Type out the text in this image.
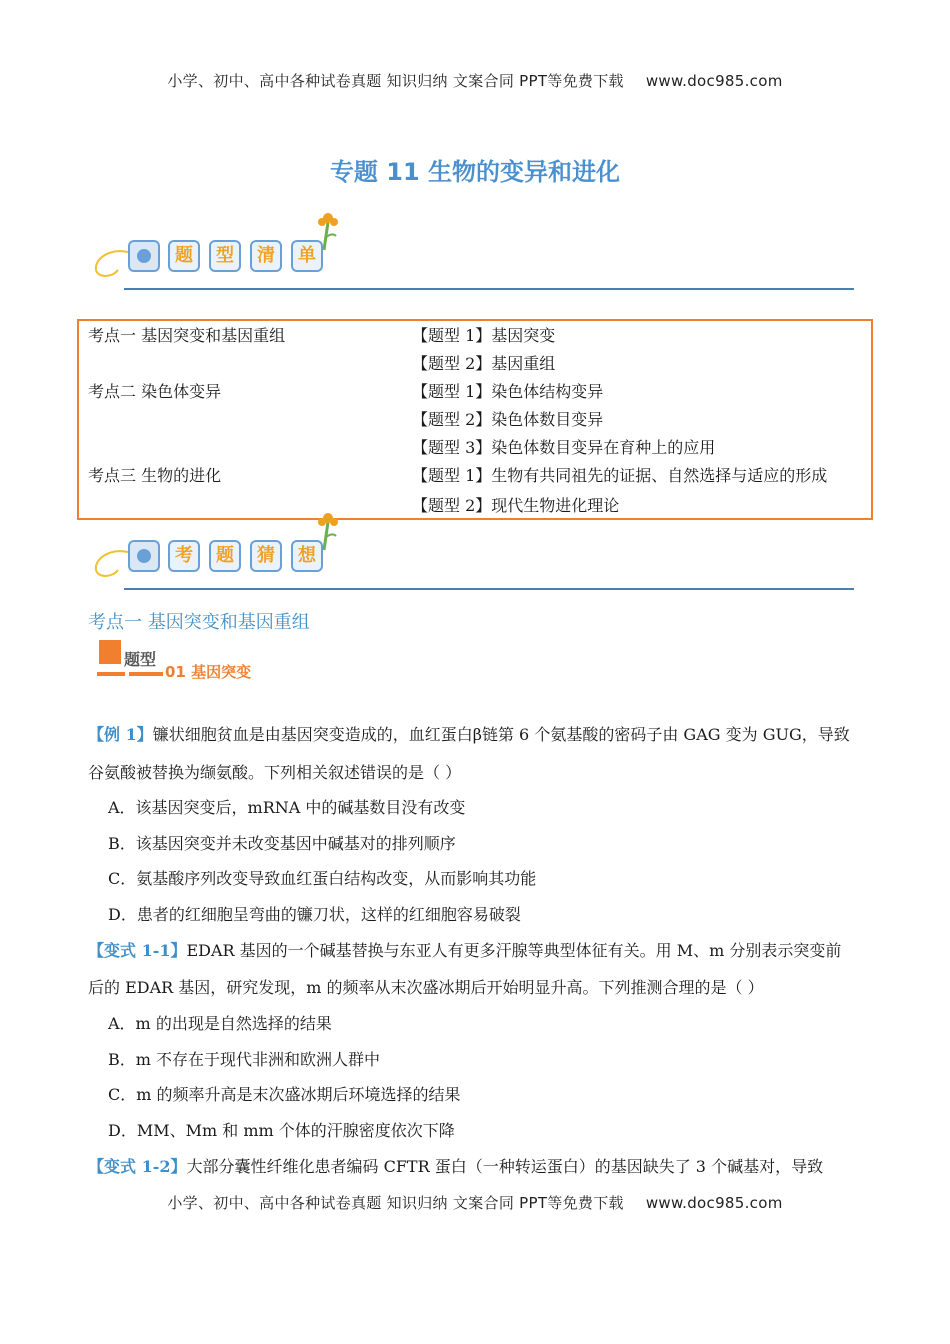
小学、初中、高中各种试卷真题 知识归纳 文案合同 PPT等免费下载 www.doc985.com
专题 11 生物的变异和进化
题	型	清	单
考点一 基因突变和基因重组	【题型 1】基因突变
【题型 2】基因重组
考点二 染色体变异	【题型 1】染色体结构变异
【题型 2】染色体数目变异
【题型 3】染色体数目变异在育种上的应用
考点三 生物的进化	【题型 1】生物有共同祖先的证据、自然选择与适应的形成
【题型 2】现代生物进化理论
考	题	猜	想
考点一 基因突变和基因重组
题型
01 基因突变
【例 1】镰状细胞贫血是由基因突变造成的，血红蛋白β链第 6 个氨基酸的密码子由 GAG 变为 GUG，导致
谷氨酸被替换为缬氨酸。下列相关叙述错误的是（ ）
A．该基因突变后，mRNA 中的碱基数目没有改变
B．该基因突变并未改变基因中碱基对的排列顺序
C．氨基酸序列改变导致血红蛋白结构改变，从而影响其功能
D．患者的红细胞呈弯曲的镰刀状，这样的红细胞容易破裂
【变式 1-1】EDAR 基因的一个碱基替换与东亚人有更多汗腺等典型体征有关。用 M、m 分别表示突变前
后的 EDAR 基因，研究发现，m 的频率从末次盛冰期后开始明显升高。下列推测合理的是（ ）
A．m 的出现是自然选择的结果
B．m 不存在于现代非洲和欧洲人群中
C．m 的频率升高是末次盛冰期后环境选择的结果
D．MM、Mm 和 mm 个体的汗腺密度依次下降
【变式 1-2】大部分囊性纤维化患者编码 CFTR 蛋白（一种转运蛋白）的基因缺失了 3 个碱基对，导致
小学、初中、高中各种试卷真题 知识归纳 文案合同 PPT等免费下载 www.doc985.com
